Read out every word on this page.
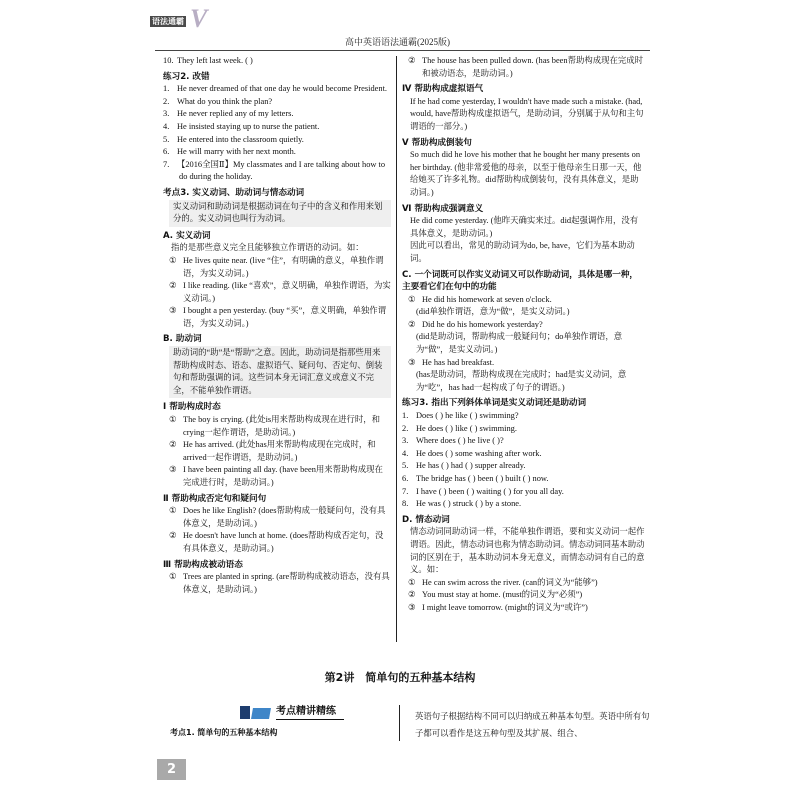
V
语法通霸
高中英语语法通霸(2025版)
10. They left last week. ( )
练习2. 改错
1. He never dreamed of that one day he would become President.
2. What do you think the plan?
3. He never replied any of my letters.
4. He insisted staying up to nurse the patient.
5. He entered into the classroom quietly.
6. He will marry with her next month.
7. 【2016全国Ⅱ】My classmates and I are talking about how to do during the holiday.
考点3. 实义动词、助动词与情态动词
实义动词和助动词是根据动词在句子中的含义和作用来划分的。实义动词也叫行为动词。
A. 实义动词
指的是那些意义完全且能够独立作谓语的动词。如：
① He lives quite near. (live “住”，有明确的意义，单独作谓语，为实义动词。)
② I like reading. (like “喜欢”，意义明确，单独作谓语，为实义动词。)
③ I bought a pen yesterday. (buy “买”，意义明确，单独作谓语，为实义动词。)
B. 助动词
助动词的“助”是“帮助”之意。因此，助动词是指那些用来帮助构成时态、语态、虚拟语气、疑问句、否定句、倒装句和帮助强调的词。这些词本身无词汇意义或意义不完全，不能单独作谓语。
Ⅰ 帮助构成时态
① The boy is crying. (此处is用来帮助构成现在进行时，和crying一起作谓语，是助动词。)
② He has arrived. (此处has用来帮助构成现在完成时，和arrived一起作谓语，是助动词。)
③ I have been painting all day. (have been用来帮助构成现在完成进行时，是助动词。)
Ⅱ 帮助构成否定句和疑问句
① Does he like English? (does帮助构成一般疑问句，没有具体意义，是助动词。)
② He doesn't have lunch at home. (does帮助构成否定句，没有具体意义，是助动词。)
Ⅲ 帮助构成被动语态
① Trees are planted in spring. (are帮助构成被动语态，没有具体意义，是助动词。)
② The house has been pulled down. (has been帮助构成现在完成时和被动语态，是助动词。)
Ⅳ 帮助构成虚拟语气
If he had come yesterday, I wouldn't have made such a mistake. (had, would, have帮助构成虚拟语气，是助动词，分别属于从句和主句谓语的一部分。)
Ⅴ 帮助构成倒装句
So much did he love his mother that he bought her many presents on her birthday. (他非常爱他的母亲，以至于他母亲生日那一天，他给她买了许多礼物。did帮助构成倒装句，没有具体意义，是助动词。)
Ⅵ 帮助构成强调意义
He did come yesterday. (他昨天确实来过。did起强调作用，没有具体意义，是助动词。)
因此可以看出，常见的助动词为do, be, have，它们为基本助动词。
C. 一个词既可以作实义动词又可以作助动词，具体是哪一种，主要看它们在句中的功能
① He did his homework at seven o'clock.
(did单独作谓语，意为“做”，是实义动词。)
② Did he do his homework yesterday?
(did是助动词，帮助构成一般疑问句；do单独作谓语，意为“做”，是实义动词。)
③ He has had breakfast.
(has是助动词，帮助构成现在完成时；had是实义动词，意为“吃”，has had一起构成了句子的谓语。)
练习3. 指出下列斜体单词是实义动词还是助动词
1. Does ( ) he like ( ) swimming?
2. He does ( ) like ( ) swimming.
3. Where does ( ) he live ( )?
4. He does ( ) some washing after work.
5. He has ( ) had ( ) supper already.
6. The bridge has ( ) been ( ) built ( ) now.
7. I have ( ) been ( ) waiting ( ) for you all day.
8. He was ( ) struck ( ) by a stone.
D. 情态动词
情态动词同助动词一样，不能单独作谓语，要和实义动词一起作谓语。因此，情态动词也称为情态助动词。情态动词同基本助动词的区别在于，基本助动词本身无意义，而情态动词有自己的意义。如：
① He can swim across the river. (can的词义为“能够”)
② You must stay at home. (must的词义为“必须”)
③ I might leave tomorrow. (might的词义为“或许”)
第2讲　简单句的五种基本结构
考点精讲精练
考点1. 简单句的五种基本结构
英语句子根据结构不同可以归纳成五种基本句型。英语中所有句子都可以看作是这五种句型及其扩展、组合、
2
